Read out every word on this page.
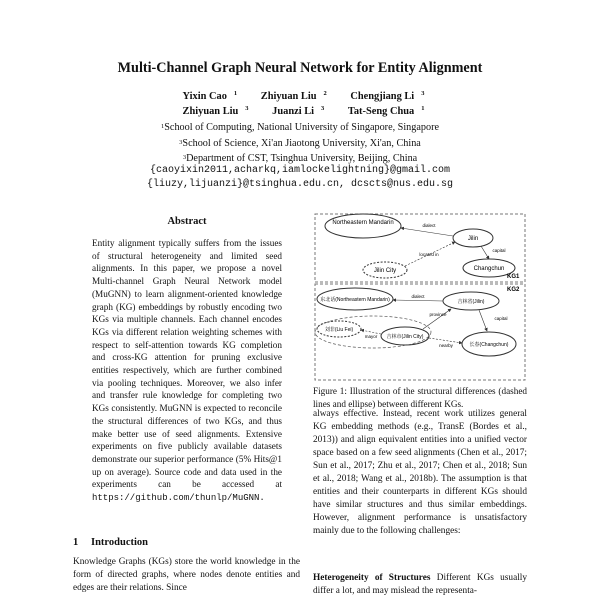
Multi-Channel Graph Neural Network for Entity Alignment
Yixin Cao $^1$ Zhiyuan Liu $^2$ Chengjiang Li $^3$
Zhiyuan Liu $^3$ Juanzi Li $^3$ Tat-Seng Chua $^1$
$^1$School of Computing, National University of Singapore, Singapore
$^3$School of Science, Xi'an Jiaotong University, Xi'an, China
$^3$Department of CST, Tsinghua University, Beijing, China
{caoyixin2011,acharkq,iamlockelightning}@gmail.com
{liuzy,lijuanzi}@tsinghua.edu.cn, dcscts@nus.edu.sg
Abstract
Entity alignment typically suffers from the issues of structural heterogeneity and limited seed alignments. In this paper, we propose a novel Multi-channel Graph Neural Network model (MuGNN) to learn alignment-oriented knowledge graph (KG) embeddings by robustly encoding two KGs via multiple channels. Each channel encodes KGs via different relation weighting schemes with respect to self-attention towards KG completion and cross-KG attention for pruning exclusive entities respectively, which are further combined via pooling techniques. Moreover, we also infer and transfer rule knowledge for completing two KGs consistently. MuGNN is expected to reconcile the structural differences of two KGs, and thus make better use of seed alignments. Extensive experiments on five publicly available datasets demonstrate our superior performance (5% Hits@1 up on average). Source code and data used in the experiments can be accessed at https://github.com/thunlp/MuGNN.
1 Introduction
Knowledge Graphs (KGs) store the world knowledge in the form of directed graphs, where nodes denote entities and edges are their relations. Since
Northeastern Mandarin
Jilin
Jilin City	Changchun
dialect
capital
located in
KG1
KG2
东北话(Northeastern Mandarin)	吉林省(Jilin)
刘非(Liu Fei)
吉林市(Jilin City)
长春(Changchun)
dialect
province
capital
mayor
nearby
Figure 1: Illustration of the structural differences (dashed lines and ellipse) between different KGs.
always effective. Instead, recent work utilizes general KG embedding methods (e.g., TransE (Bordes et al., 2013)) and align equivalent entities into a unified vector space based on a few seed alignments (Chen et al., 2017; Sun et al., 2017; Zhu et al., 2017; Chen et al., 2018; Sun et al., 2018; Wang et al., 2018b). The assumption is that entities and their counterparts in different KGs should have similar structures and thus similar embeddings. However, alignment performance is unsatisfactory mainly due to the following challenges:
Heterogeneity of Structures Different KGs usually differ a lot, and may mislead the representa-
